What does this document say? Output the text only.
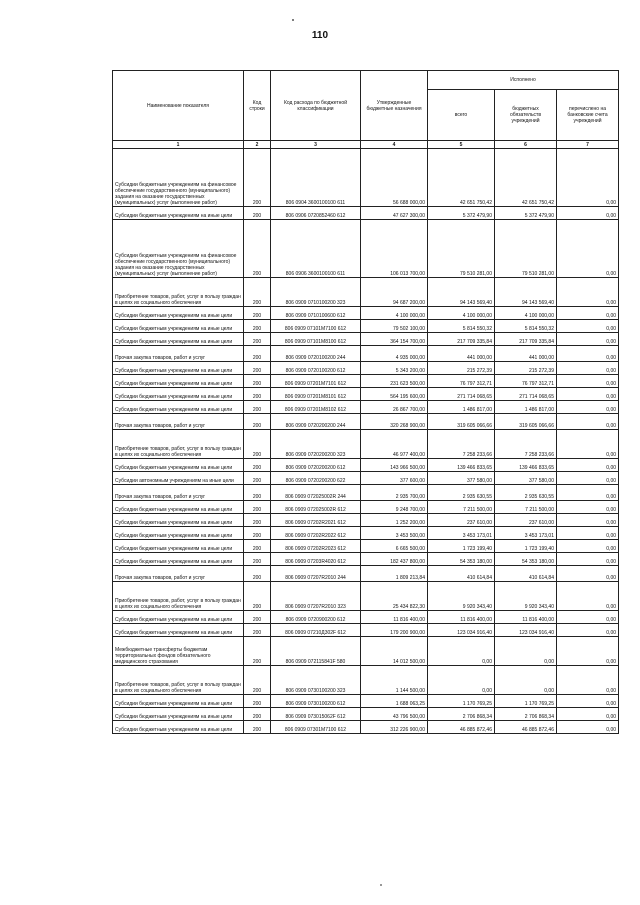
110
Наименование показателя	Код строки	Код расхода по бюджетной классификации	Утвержденные бюджетные назначения	Исполнено		
				всего	бюджетных обязательств учреждений	перечислено на банковские счета учреждений
1	2	3	4	5	6	7
Субсидии бюджетным учреждениям на финансовое обеспечение государственного (муниципального) задания на оказание государственных (муниципальных) услуг (выполнение работ)	200	806 0904 3600100100 611	56 688 000,00	42 651 750,42	42 651 750,42	0,00
Субсидии бюджетным учреждениям на иные цели	200	806 0906 0720852460 612	47 627 300,00	5 372 479,90	5 372 479,90	0,00
Субсидии бюджетным учреждениям на финансовое обеспечение государственного (муниципального) задания на оказание государственных (муниципальных) услуг (выполнение работ)	200	806 0906 3600100100 611	106 013 700,00	79 510 281,00	79 510 281,00	0,00
Приобретение товаров, работ, услуг в пользу граждан в целях их социального обеспечения	200	806 0909 0710100200 323	94 687 200,00	94 143 569,40	94 143 569,40	0,00
Субсидии бюджетным учреждениям на иные цели	200	806 0909 0710100600 612	4 100 000,00	4 100 000,00	4 100 000,00	0,00
Субсидии бюджетным учреждениям на иные цели	200	806 0909 07101M7100 612	79 502 100,00	5 814 550,32	5 814 550,32	0,00
Субсидии бюджетным учреждениям на иные цели	200	806 0909 07101M8100 612	364 154 700,00	217 709 335,84	217 709 335,84	0,00
Прочая закупка товаров, работ и услуг	200	806 0909 0720100200 244	4 935 000,00	441 000,00	441 000,00	0,00
Субсидии бюджетным учреждениям на иные цели	200	806 0909 0720100200 612	5 343 200,00	215 272,39	215 272,39	0,00
Субсидии бюджетным учреждениям на иные цели	200	806 0909 07201M7101 612	231 623 500,00	76 797 312,71	76 797 312,71	0,00
Субсидии бюджетным учреждениям на иные цели	200	806 0909 07201M8101 612	564 195 600,00	271 714 068,65	271 714 068,65	0,00
Субсидии бюджетным учреждениям на иные цели	200	806 0909 07201M8102 612	26 867 700,00	1 486 817,00	1 486 817,00	0,00
Прочая закупка товаров, работ и услуг	200	806 0909 0720200200 244	320 268 900,00	319 605 066,66	319 605 066,66	0,00
Приобретение товаров, работ, услуг в пользу граждан в целях их социального обеспечения	200	806 0909 0720200200 323	46 977 400,00	7 258 233,66	7 258 233,66	0,00
Субсидии бюджетным учреждениям на иные цели	200	806 0909 0720200200 612	143 966 500,00	139 466 833,65	139 466 833,65	0,00
Субсидии автономным учреждениям на иные цели	200	806 0909 0720200200 622	377 600,00	377 580,00	377 580,00	0,00
Прочая закупка товаров, работ и услуг	200	806 0909 072025002R 244	2 935 700,00	2 935 630,55	2 935 630,55	0,00
Субсидии бюджетным учреждениям на иные цели	200	806 0909 072025002R 612	9 248 700,00	7 211 500,00	7 211 500,00	0,00
Субсидии бюджетным учреждениям на иные цели	200	806 0909 07202R2021 612	1 252 200,00	237 610,00	237 610,00	0,00
Субсидии бюджетным учреждениям на иные цели	200	806 0909 07202R2022 612	3 453 500,00	3 453 173,01	3 453 173,01	0,00
Субсидии бюджетным учреждениям на иные цели	200	806 0909 07202R2023 612	6 665 500,00	1 723 199,40	1 723 199,40	0,00
Субсидии бюджетным учреждениям на иные цели	200	806 0909 07203R4020 612	182 437 800,00	54 353 180,00	54 353 180,00	0,00
Прочая закупка товаров, работ и услуг	200	806 0909 07207R2010 244	1 809 213,84	410 614,84	410 614,84	0,00
Приобретение товаров, работ, услуг в пользу граждан в целях их социального обеспечения	200	806 0909 07207R2010 323	25 434 822,30	9 920 343,40	9 920 343,40	0,00
Субсидии бюджетным учреждениям на иные цели	200	806 0909 0720900200 612	11 816 400,00	11 816 400,00	11 816 400,00	0,00
Субсидии бюджетным учреждениям на иные цели	200	806 0909 07210Д302F 612	179 200 900,00	123 034 916,40	123 034 916,40	0,00
Межбюджетные трансферты бюджетам территориальных фондов обязательного медицинского страхования	200	806 0909 072115841F 580	14 012 500,00	0,00	0,00	0,00
Приобретение товаров, работ, услуг в пользу граждан в целях их социального обеспечения	200	806 0909 0730100200 323	1 144 500,00	0,00	0,00	0,00
Субсидии бюджетным учреждениям на иные цели	200	806 0909 0730100200 612	1 688 063,25	1 170 769,25	1 170 769,25	0,00
Субсидии бюджетным учреждениям на иные цели	200	806 0909 073015062F 612	43 796 500,00	2 706 868,34	2 706 868,34	0,00
Субсидии бюджетным учреждениям на иные цели	200	806 0909 07301M7100 612	312 226 900,00	46 885 872,46	46 885 872,46	0,00
